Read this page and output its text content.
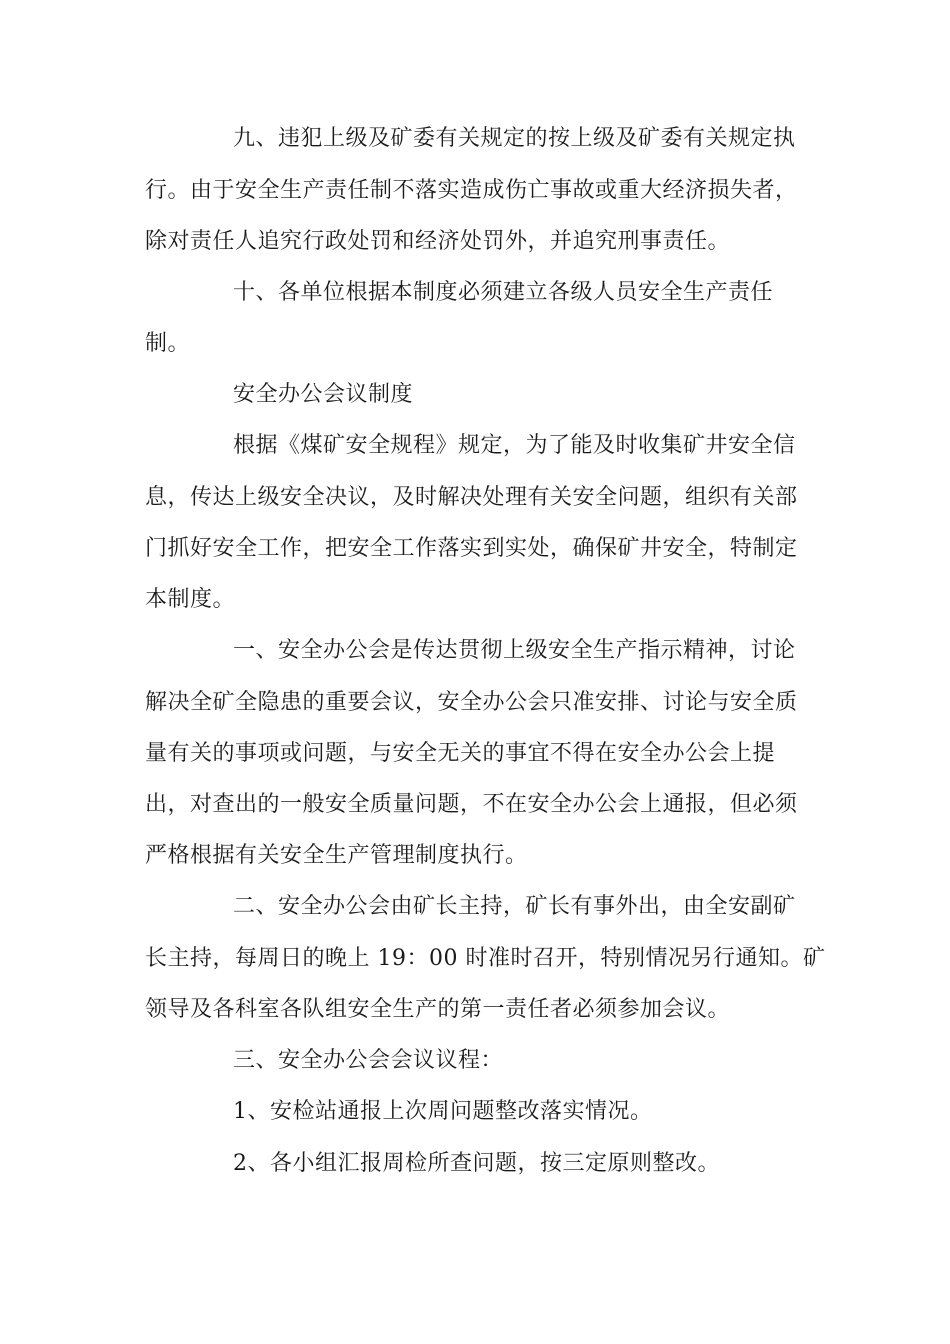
九、违犯上级及矿委有关规定的按上级及矿委有关规定执
行。由于安全生产责任制不落实造成伤亡事故或重大经济损失者，
除对责任人追究行政处罚和经济处罚外，并追究刑事责任。
十、各单位根据本制度必须建立各级人员安全生产责任
制。
安全办公会议制度
根据《煤矿安全规程》规定，为了能及时收集矿井安全信
息，传达上级安全决议，及时解决处理有关安全问题，组织有关部
门抓好安全工作，把安全工作落实到实处，确保矿井安全，特制定
本制度。
一、安全办公会是传达贯彻上级安全生产指示精神，讨论
解决全矿全隐患的重要会议，安全办公会只准安排、讨论与安全质
量有关的事项或问题，与安全无关的事宜不得在安全办公会上提
出，对查出的一般安全质量问题，不在安全办公会上通报，但必须
严格根据有关安全生产管理制度执行。
二、安全办公会由矿长主持，矿长有事外出，由全安副矿
长主持，每周日的晚上 19：00 时准时召开，特别情况另行通知。矿
领导及各科室各队组安全生产的第一责任者必须参加会议。
三、安全办公会会议议程：
1、安检站通报上次周问题整改落实情况。
2、各小组汇报周检所查问题，按三定原则整改。
